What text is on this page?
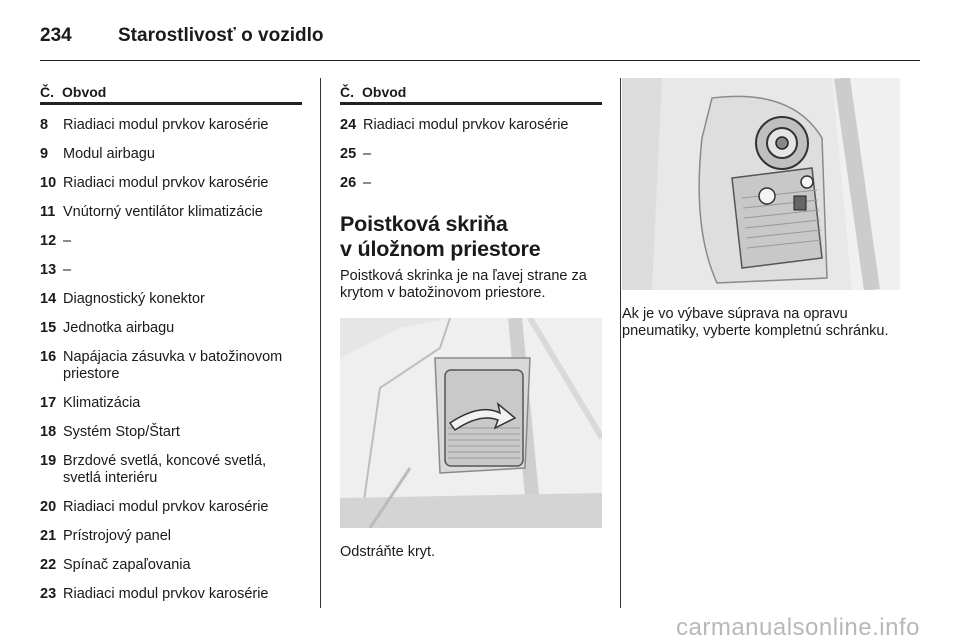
234	Starostlivosť o vozidlo
Č. Obvod
8	Riadiaci modul prvkov karosérie
9	Modul airbagu
10 Riadiaci modul prvkov karosérie
11 Vnútorný ventilátor klimatizácie
12 –
13 –
14 Diagnostický konektor
15 Jednotka airbagu
16 Napájacia zásuvka v batožinovom priestore
17 Klimatizácia
18 Systém Stop/Štart
19 Brzdové svetlá, koncové svetlá, svetlá interiéru
20 Riadiaci modul prvkov karosérie
21 Prístrojový panel
22 Spínač zapaľovania
23 Riadiaci modul prvkov karosérie
Č. Obvod
24 Riadiaci modul prvkov karosérie
25 –
26 –
Poistková skriňa
v úložnom priestore
Poistková skrinka je na ľavej strane za krytom v batožinovom priestore.
Odstráňte kryt.
Ak je vo výbave súprava na opravu pneumatiky, vyberte kompletnú schránku.
carmanualsonline.info
